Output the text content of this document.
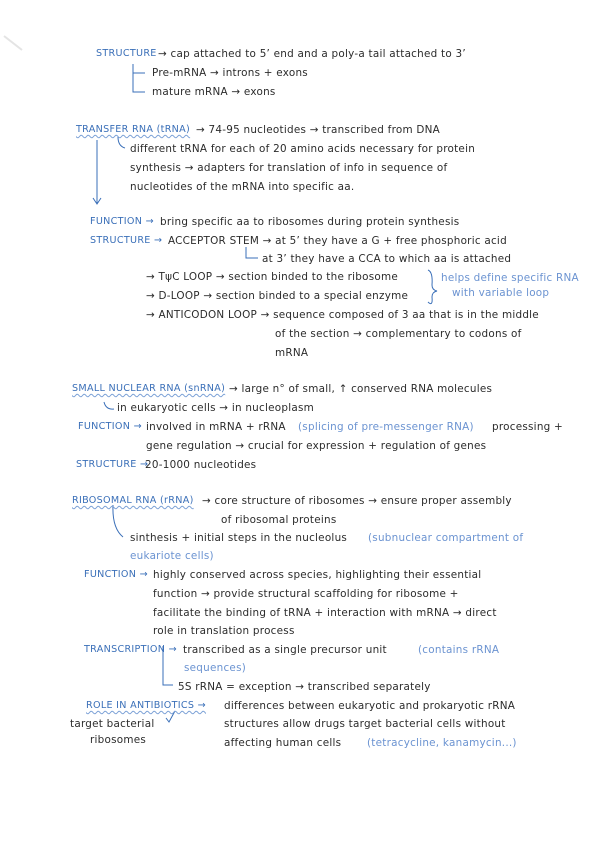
STRUCTURE → cap attached to 5’ end and a poly-a tail attached to 3’
Pre-mRNA → introns + exons
mature mRNA → exons
TRANSFER RNA (tRNA) → 74-95 nucleotides → transcribed from DNA
different tRNA for each of 20 amino acids necessary for protein
synthesis → adapters for translation of info in sequence of
nucleotides of the mRNA into specific aa.
FUNCTION → bring specific aa to ribosomes during protein synthesis
STRUCTURE → ACCEPTOR STEM → at 5’ they have a G + free phosphoric acid
at 3’ they have a CCA to which aa is attached
→ TψC LOOP → section binded to the ribosome
→ D-LOOP → section binded to a special enzyme
helps define specific RNA
with variable loop
→ ANTICODON LOOP → sequence composed of 3 aa that is in the middle
of the section → complementary to codons of
mRNA
SMALL NUCLEAR RNA (snRNA) → large n° of small, ↑ conserved RNA molecules
in eukaryotic cells → in nucleoplasm
FUNCTION → involved in mRNA + rRNA (splicing of pre-messenger RNA) processing +
gene regulation → crucial for expression + regulation of genes
STRUCTURE →
20-1000 nucleotides
RIBOSOMAL RNA (rRNA) → core structure of ribosomes → ensure proper assembly
of ribosomal proteins
sinthesis + initial steps in the nucleolus (subnuclear compartment of
eukariote cells)
FUNCTION → highly conserved across species, highlighting their essential
function → provide structural scaffolding for ribosome +
facilitate the binding of tRNA + interaction with mRNA → direct
role in translation process
TRANSCRIPTION → transcribed as a single precursor unit	(contains rRNA
sequences)
5S rRNA = exception → transcribed separately
ROLE IN ANTIBIOTICS → differences between eukaryotic and prokaryotic rRNA
structures allow drugs target bacterial cells without
affecting human cells (tetracycline, kanamycin...)
target bacterial
ribosomes
